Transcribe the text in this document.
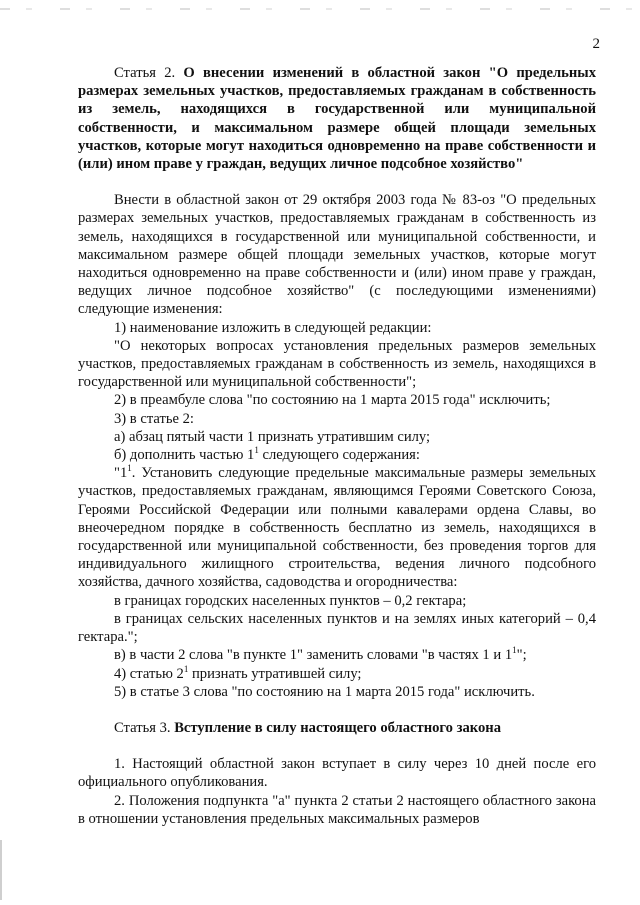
2

Статья 2. О внесении изменений в областной закон "О предельных размерах земельных участков, предоставляемых гражданам в собственность из земель, находящихся в государственной или муниципальной собственности, и максимальном размере общей площади земельных участков, которые могут находиться одновременно на праве собственности и (или) ином праве у граждан, ведущих личное подсобное хозяйство"

Внести в областной закон от 29 октября 2003 года № 83-оз "О предельных размерах земельных участков, предоставляемых гражданам в собственность из земель, находящихся в государственной или муниципальной собственности, и максимальном размере общей площади земельных участков, которые могут находиться одновременно на праве собственности и (или) ином праве у граждан, ведущих личное подсобное хозяйство" (с последующими изменениями) следующие изменения:

1) наименование изложить в следующей редакции:

"О некоторых вопросах установления предельных размеров земельных участков, предоставляемых гражданам в собственность из земель, находящихся в государственной или муниципальной собственности";

2) в преамбуле слова "по состоянию на 1 марта 2015 года" исключить;

3) в статье 2:

а) абзац пятый части 1 признать утратившим силу;

б) дополнить частью $1^1$ следующего содержания:

"$1^1$. Установить следующие предельные максимальные размеры земельных участков, предоставляемых гражданам, являющимся Героями Советского Союза, Героями Российской Федерации или полными кавалерами ордена Славы, во внеочередном порядке в собственность бесплатно из земель, находящихся в государственной или муниципальной собственности, без проведения торгов для индивидуального жилищного строительства, ведения личного подсобного хозяйства, дачного хозяйства, садоводства и огородничества:

в границах городских населенных пунктов – 0,2 гектара;

в границах сельских населенных пунктов и на землях иных категорий – 0,4 гектара.";

в) в части 2 слова "в пункте 1" заменить словами "в частях 1 и $1^1$";

4) статью $2^1$ признать утратившей силу;

5) в статье 3 слова "по состоянию на 1 марта 2015 года" исключить.

Статья 3. Вступление в силу настоящего областного закона

1. Настоящий областной закон вступает в силу через 10 дней после его официального опубликования.

2. Положения подпункта "а" пункта 2 статьи 2 настоящего областного закона в отношении установления предельных максимальных размеров
